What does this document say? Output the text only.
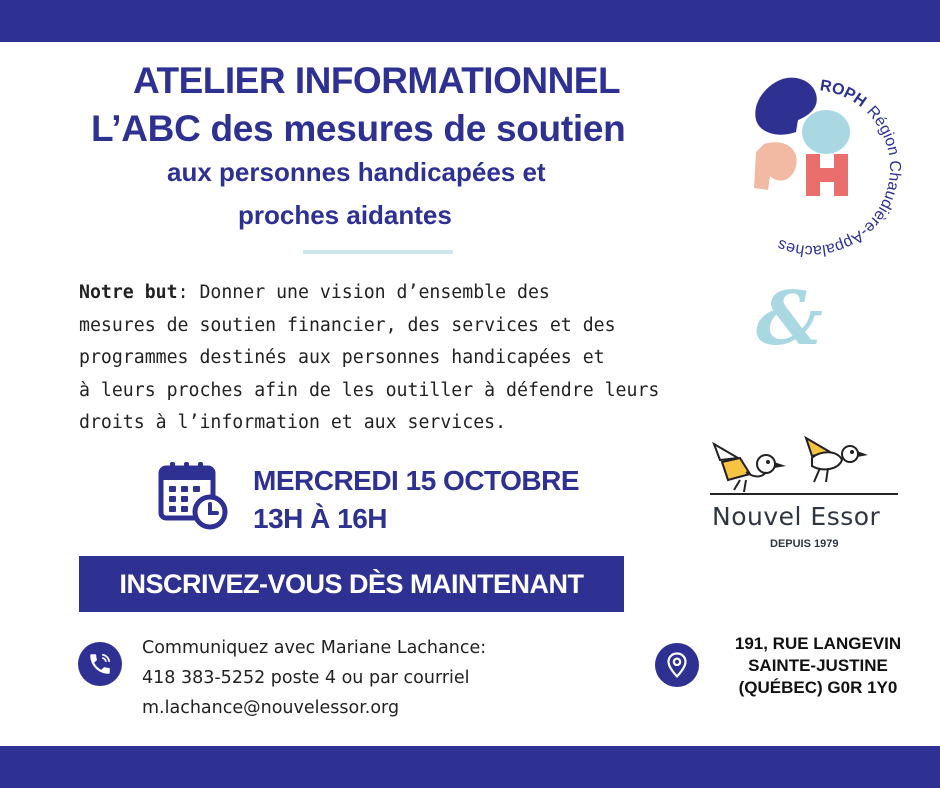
ATELIER INFORMATIONNEL
L’ABC des mesures de soutien
aux personnes handicapées et
proches aidantes
Notre but: Donner une vision d’ensemble des
mesures de soutien financier, des services et des
programmes destinés aux personnes handicapées et
à leurs proches afin de les outiller à défendre leurs
droits à l’information et aux services.
MERCREDI 15 OCTOBRE
13H À 16H
INSCRIVEZ-VOUS DÈS MAINTENANT
Communiquez avec Mariane Lachance:
418 383-5252 poste 4 ou par courriel
m.lachance@nouvelessor.org
191, RUE LANGEVIN
SAINTE-JUSTINE
(QUÉBEC) G0R 1Y0
ROPH Région Chaudière-Appalaches
&
Nouvel Essor
DEPUIS 1979
